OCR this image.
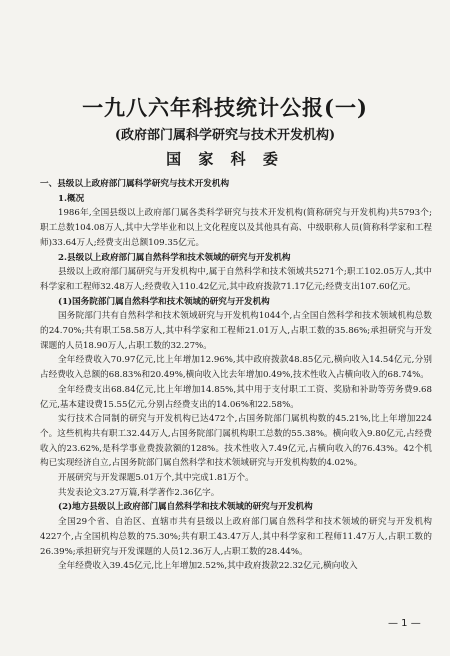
一九八六年科技统计公报(一)
(政府部门属科学研究与技术开发机构)
国 家 科 委

一、县级以上政府部门属科学研究与技术开发机构

1.概况

1986年,全国县级以上政府部门属各类科学研究与技术开发机构(简称研究与开发机构)共5793个;职工总数104.08万人,其中大学毕业和以上文化程度以及其他具有高、中级职称人员(简称科学家和工程师)33.64万人;经费支出总额109.35亿元。

2.县级以上政府部门属自然科学和技术领域的研究与开发机构

县级以上政府部门属研究与开发机构中,属于自然科学和技术领域共5271个;职工102.05万人,其中科学家和工程师32.48万人;经费收入110.42亿元,其中政府拨款71.17亿元;经费支出107.60亿元。

(1)国务院部门属自然科学和技术领域的研究与开发机构

国务院部门共有自然科学和技术领域研究与开发机构1044个,占全国自然科学和技术领域机构总数的24.70%;共有职工58.58万人,其中科学家和工程师21.01万人,占职工数的35.86%;承担研究与开发课题的人员18.90万人,占职工数的32.27%。

全年经费收入70.97亿元,比上年增加12.96%,其中政府拨款48.85亿元,横向收入14.54亿元,分别占经费收入总额的68.83%和20.49%,横向收入比去年增加0.49%,技术性收入占横向收入的68.74%。

全年经费支出68.84亿元,比上年增加14.85%,其中用于支付职工工资、奖励和补助等劳务费9.68亿元,基本建设费15.55亿元,分别占经费支出的14.06%和22.58%。

实行技术合同制的研究与开发机构已达472个,占国务院部门属机构数的45.21%,比上年增加224个。这些机构共有职工32.44万人,占国务院部门属机构职工总数的55.38%。横向收入9.80亿元,占经费收入的23.62%,是科学事业费拨款额的128%。技术性收入7.49亿元,占横向收入的76.43%。42个机构已实现经济自立,占国务院部门属自然科学和技术领域研究与开发机构数的4.02%。

开展研究与开发课题5.01万个,其中完成1.81万个。

共发表论文3.27万篇,科学著作2.36亿字。

(2)地方县级以上政府部门属自然科学和技术领域的研究与开发机构

全国29个省、自治区、直辖市共有县级以上政府部门属自然科学和技术领域的研究与开发机构4227个,占全国机构总数的75.30%;共有职工43.47万人,其中科学家和工程师11.47万人,占职工数的26.39%;承担研究与开发课题的人员12.36万人,占职工数的28.44%。

全年经费收入39.45亿元,比上年增加2.52%,其中政府拨款22.32亿元,横向收入

— 1 —
